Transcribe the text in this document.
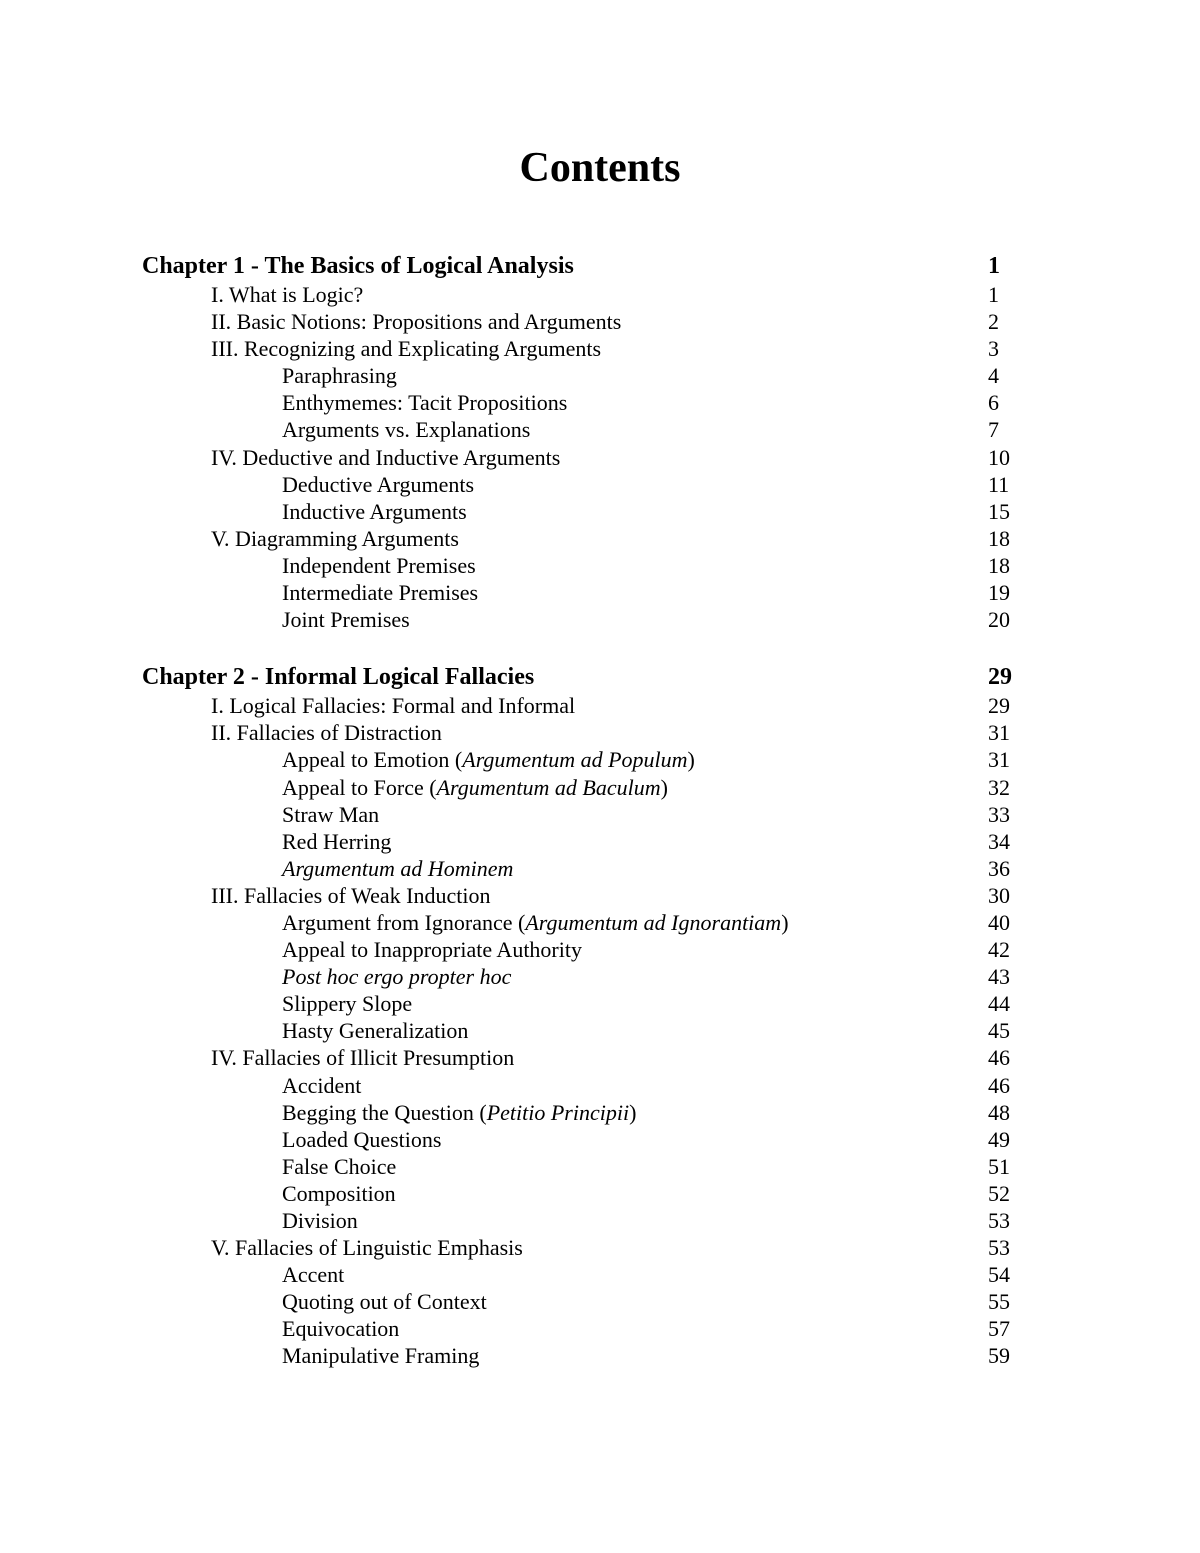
Contents
Chapter 1 - The Basics of Logical Analysis	1
I. What is Logic?	1
II. Basic Notions: Propositions and Arguments	2
III. Recognizing and Explicating Arguments	3
Paraphrasing	4
Enthymemes: Tacit Propositions	6
Arguments vs. Explanations	7
IV. Deductive and Inductive Arguments	10
Deductive Arguments	11
Inductive Arguments	15
V. Diagramming Arguments	18
Independent Premises	18
Intermediate Premises	19
Joint Premises	20
Chapter 2 - Informal Logical Fallacies	29
I. Logical Fallacies: Formal and Informal	29
II. Fallacies of Distraction	31
Appeal to Emotion (Argumentum ad Populum)	31
Appeal to Force (Argumentum ad Baculum)	32
Straw Man	33
Red Herring	34
Argumentum ad Hominem	36
III. Fallacies of Weak Induction	30
Argument from Ignorance (Argumentum ad Ignorantiam)	40
Appeal to Inappropriate Authority	42
Post hoc ergo propter hoc	43
Slippery Slope	44
Hasty Generalization	45
IV. Fallacies of Illicit Presumption	46
Accident	46
Begging the Question (Petitio Principii)	48
Loaded Questions	49
False Choice	51
Composition	52
Division	53
V. Fallacies of Linguistic Emphasis	53
Accent	54
Quoting out of Context	55
Equivocation	57
Manipulative Framing	59
